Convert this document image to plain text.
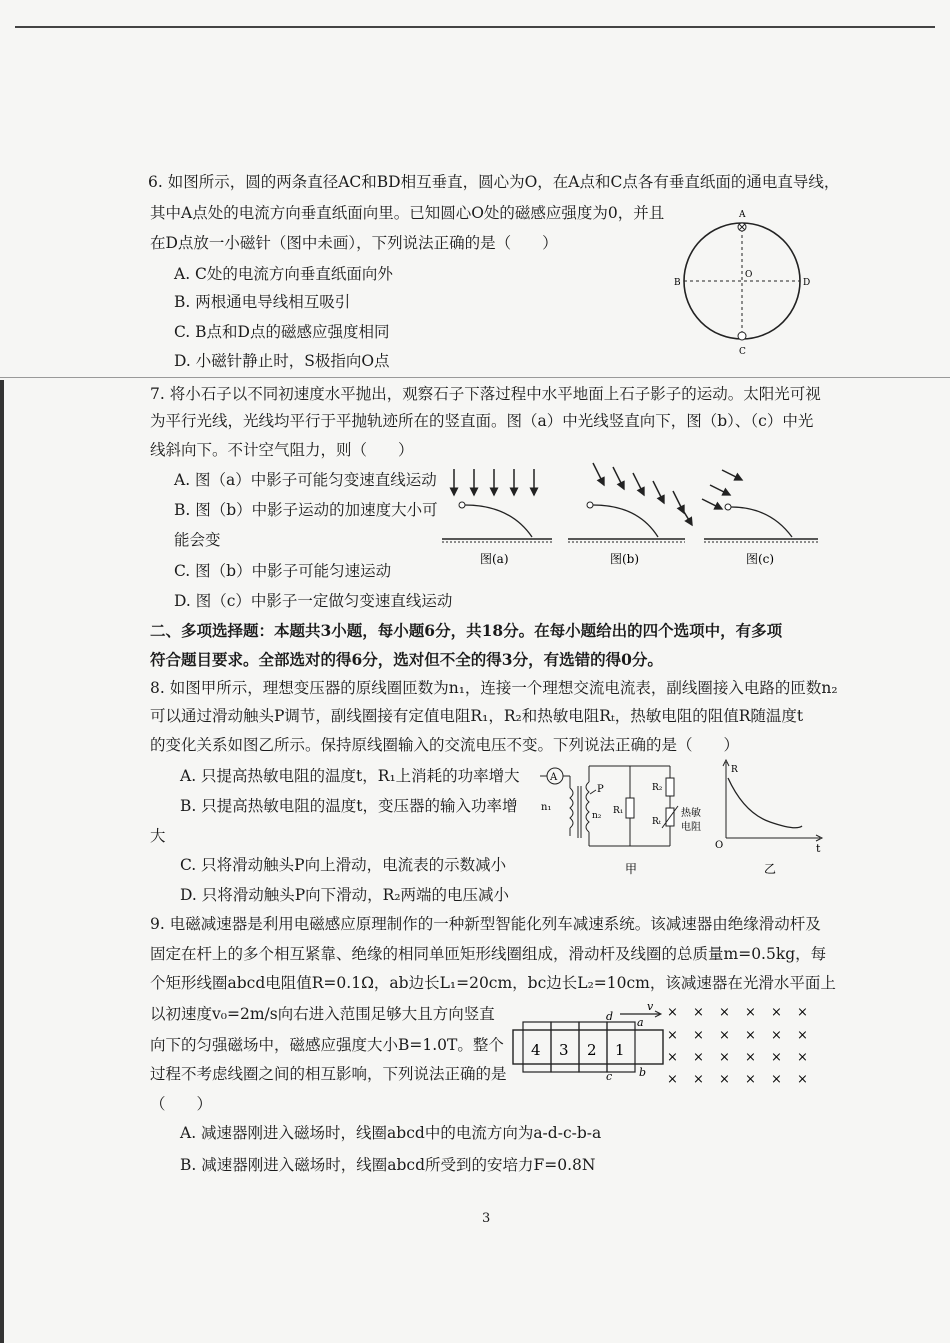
6. 如图所示，圆的两条直径AC和BD相互垂直，圆心为O，在A点和C点各有垂直纸面的通电直导线，
其中A点处的电流方向垂直纸面向里。已知圆心O处的磁感应强度为0，并且
在D点放一小磁针（图中未画），下列说法正确的是（　　）
A. C处的电流方向垂直纸面向外
B. 两根通电导线相互吸引
C. B点和D点的磁感应强度相同
D. 小磁针静止时，S极指向O点
A
B
C
D
O
7. 将小石子以不同初速度水平抛出，观察石子下落过程中水平地面上石子影子的运动。太阳光可视
为平行光线，光线均平行于平抛轨迹所在的竖直面。图（a）中光线竖直向下，图（b）、（c）中光
线斜向下。不计空气阻力，则（　　）
A. 图（a）中影子可能匀变速直线运动
B. 图（b）中影子运动的加速度大小可
能会变
C. 图（b）中影子可能匀速运动
D. 图（c）中影子一定做匀变速直线运动
图(a)	图(b)	图(c)
二、多项选择题：本题共3小题，每小题6分，共18分。在每小题给出的四个选项中，有多项
符合题目要求。全部选对的得6分，选对但不全的得3分，有选错的得0分。
8. 如图甲所示，理想变压器的原线圈匝数为n₁，连接一个理想交流电流表，副线圈接入电路的匝数n₂
可以通过滑动触头P调节，副线圈接有定值电阻R₁，R₂和热敏电阻Rₜ，热敏电阻的阻值R随温度t
的变化关系如图乙所示。保持原线圈输入的交流电压不变。下列说法正确的是（　　）
A. 只提高热敏电阻的温度t，R₁上消耗的功率增大
B. 只提高热敏电阻的温度t，变压器的输入功率增
大
C. 只将滑动触头P向上滑动，电流表的示数减小
D. 只将滑动触头P向下滑动，R₂两端的电压减小
A
n₁
n₂
P
R₁
R₂
Rₜ
热敏
电阻
甲
R
t
O
乙
9. 电磁减速器是利用电磁感应原理制作的一种新型智能化列车减速系统。该减速器由绝缘滑动杆及
固定在杆上的多个相互紧靠、绝缘的相同单匝矩形线圈组成，滑动杆及线圈的总质量m=0.5kg，每
个矩形线圈abcd电阻值R=0.1Ω，ab边长L₁=20cm，bc边长L₂=10cm，该减速器在光滑水平面上
以初速度v₀=2m/s向右进入范围足够大且方向竖直
向下的匀强磁场中，磁感应强度大小B=1.0T。整个
过程不考虑线圈之间的相互影响，下列说法正确的是
（　　）
A. 减速器刚进入磁场时，线圈abcd中的电流方向为a-d-c-b-a
B. 减速器刚进入磁场时，线圈abcd所受到的安培力F=0.8N
4 3 2 1
d a
b
c
v × × × × × ×
× × × × × ×
× × × × × ×
× × × × × ×
3
